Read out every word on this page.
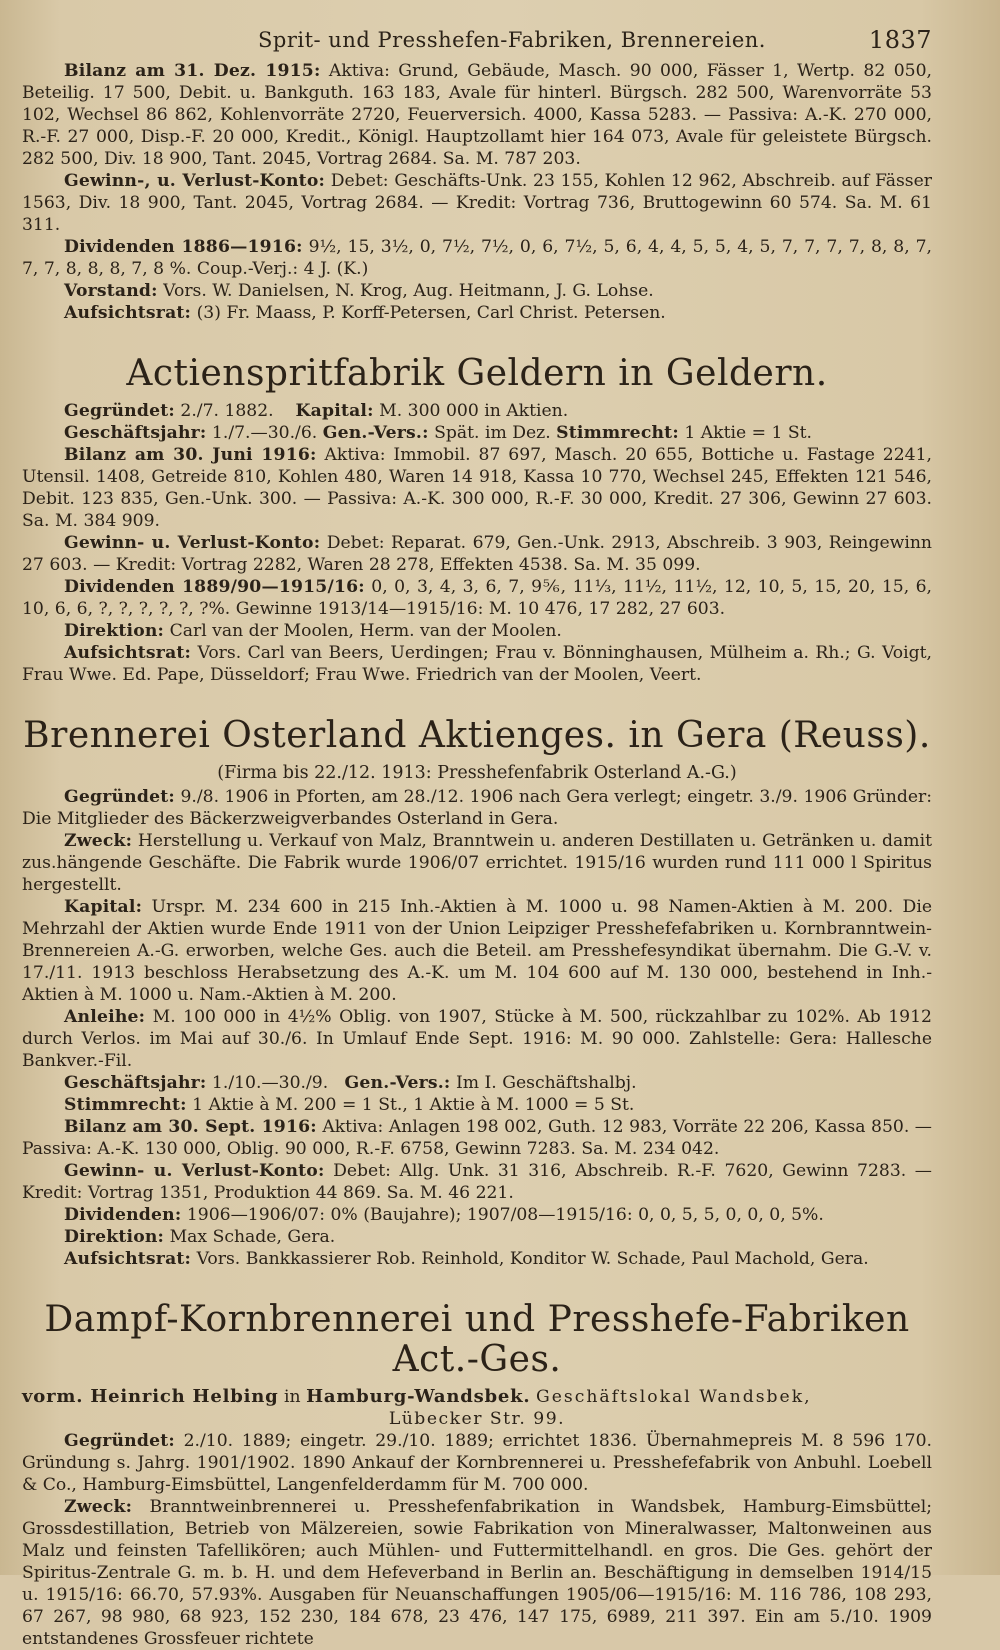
Sprit- und Presshefen-Fabriken, Brennereien.	1837

Bilanz am 31. Dez. 1915: Aktiva: Grund, Gebäude, Masch. 90 000, Fässer 1, Wertp. 82 050, Beteilig. 17 500, Debit. u. Bankguth. 163 183, Avale für hinterl. Bürgsch. 282 500, Warenvorräte 53 102, Wechsel 86 862, Kohlenvorräte 2720, Feuerversich. 4000, Kassa 5283. — Passiva: A.-K. 270 000, R.-F. 27 000, Disp.-F. 20 000, Kredit., Königl. Hauptzollamt hier 164 073, Avale für geleistete Bürgsch. 282 500, Div. 18 900, Tant. 2045, Vortrag 2684. Sa. M. 787 203.

Gewinn-, u. Verlust-Konto: Debet: Geschäfts-Unk. 23 155, Kohlen 12 962, Abschreib. auf Fässer 1563, Div. 18 900, Tant. 2045, Vortrag 2684. — Kredit: Vortrag 736, Bruttogewinn 60 574. Sa. M. 61 311.

Dividenden 1886—1916: 9½, 15, 3½, 0, 7½, 7½, 0, 6, 7½, 5, 6, 4, 4, 5, 5, 4, 5, 7, 7, 7, 7, 8, 8, 7, 7, 7, 8, 8, 8, 7, 8 %. Coup.-Verj.: 4 J. (K.)

Vorstand: Vors. W. Danielsen, N. Krog, Aug. Heitmann, J. G. Lohse.

Aufsichtsrat: (3) Fr. Maass, P. Korff-Petersen, Carl Christ. Petersen.

Actienspritfabrik Geldern in Geldern.

Gegründet: 2./7. 1882. Kapital: M. 300 000 in Aktien.

Geschäftsjahr: 1./7.—30./6. Gen.-Vers.: Spät. im Dez. Stimmrecht: 1 Aktie = 1 St.

Bilanz am 30. Juni 1916: Aktiva: Immobil. 87 697, Masch. 20 655, Bottiche u. Fastage 2241, Utensil. 1408, Getreide 810, Kohlen 480, Waren 14 918, Kassa 10 770, Wechsel 245, Effekten 121 546, Debit. 123 835, Gen.-Unk. 300. — Passiva: A.-K. 300 000, R.-F. 30 000, Kredit. 27 306, Gewinn 27 603. Sa. M. 384 909.

Gewinn- u. Verlust-Konto: Debet: Reparat. 679, Gen.-Unk. 2913, Abschreib. 3 903, Reingewinn 27 603. — Kredit: Vortrag 2282, Waren 28 278, Effekten 4538. Sa. M. 35 099.

Dividenden 1889/90—1915/16: 0, 0, 3, 4, 3, 6, 7, 9⅚, 11⅓, 11½, 11½, 12, 10, 5, 15, 20, 15, 6, 10, 6, 6, ?, ?, ?, ?, ?, ?%. Gewinne 1913/14—1915/16: M. 10 476, 17 282, 27 603.

Direktion: Carl van der Moolen, Herm. van der Moolen.

Aufsichtsrat: Vors. Carl van Beers, Uerdingen; Frau v. Bönninghausen, Mülheim a. Rh.; G. Voigt, Frau Wwe. Ed. Pape, Düsseldorf; Frau Wwe. Friedrich van der Moolen, Veert.

Brennerei Osterland Aktienges. in Gera (Reuss).
(Firma bis 22./12. 1913: Presshefenfabrik Osterland A.-G.)

Gegründet: 9./8. 1906 in Pforten, am 28./12. 1906 nach Gera verlegt; eingetr. 3./9. 1906 Gründer: Die Mitglieder des Bäckerzweigverbandes Osterland in Gera.

Zweck: Herstellung u. Verkauf von Malz, Branntwein u. anderen Destillaten u. Getränken u. damit zus.hängende Geschäfte. Die Fabrik wurde 1906/07 errichtet. 1915/16 wurden rund 111 000 l Spiritus hergestellt.

Kapital: Urspr. M. 234 600 in 215 Inh.-Aktien à M. 1000 u. 98 Namen-Aktien à M. 200. Die Mehrzahl der Aktien wurde Ende 1911 von der Union Leipziger Presshefefabriken u. Kornbranntwein-Brennereien A.-G. erworben, welche Ges. auch die Beteil. am Presshefesyndikat übernahm. Die G.-V. v. 17./11. 1913 beschloss Herabsetzung des A.-K. um M. 104 600 auf M. 130 000, bestehend in Inh.-Aktien à M. 1000 u. Nam.-Aktien à M. 200.

Anleihe: M. 100 000 in 4½% Oblig. von 1907, Stücke à M. 500, rückzahlbar zu 102%. Ab 1912 durch Verlos. im Mai auf 30./6. In Umlauf Ende Sept. 1916: M. 90 000. Zahlstelle: Gera: Hallesche Bankver.-Fil.

Geschäftsjahr: 1./10.—30./9. Gen.-Vers.: Im I. Geschäftshalbj.

Stimmrecht: 1 Aktie à M. 200 = 1 St., 1 Aktie à M. 1000 = 5 St.

Bilanz am 30. Sept. 1916: Aktiva: Anlagen 198 002, Guth. 12 983, Vorräte 22 206, Kassa 850. — Passiva: A.-K. 130 000, Oblig. 90 000, R.-F. 6758, Gewinn 7283. Sa. M. 234 042.

Gewinn- u. Verlust-Konto: Debet: Allg. Unk. 31 316, Abschreib. R.-F. 7620, Gewinn 7283. — Kredit: Vortrag 1351, Produktion 44 869. Sa. M. 46 221.

Dividenden: 1906—1906/07: 0% (Baujahre); 1907/08—1915/16: 0, 0, 5, 5, 0, 0, 0, 5%.

Direktion: Max Schade, Gera.

Aufsichtsrat: Vors. Bankkassierer Rob. Reinhold, Konditor W. Schade, Paul Machold, Gera.

Dampf-Kornbrennerei und Presshefe-Fabriken Act.-Ges.

vorm. Heinrich Helbing in Hamburg-Wandsbek. Geschäftslokal Wandsbek,
Lübecker Str. 99.

Gegründet: 2./10. 1889; eingetr. 29./10. 1889; errichtet 1836. Übernahmepreis M. 8 596 170. Gründung s. Jahrg. 1901/1902. 1890 Ankauf der Kornbrennerei u. Presshefefabrik von Anbuhl. Loebell & Co., Hamburg-Eimsbüttel, Langenfelderdamm für M. 700 000.

Zweck: Branntweinbrennerei u. Presshefenfabrikation in Wandsbek, Hamburg-Eimsbüttel; Grossdestillation, Betrieb von Mälzereien, sowie Fabrikation von Mineralwasser, Maltonweinen aus Malz und feinsten Tafellikören; auch Mühlen- und Futtermittelhandl. en gros. Die Ges. gehört der Spiritus-Zentrale G. m. b. H. und dem Hefeverband in Berlin an. Beschäftigung in demselben 1914/15 u. 1915/16: 66.70, 57.93%. Ausgaben für Neuanschaffungen 1905/06—1915/16: M. 116 786, 108 293, 67 267, 98 980, 68 923, 152 230, 184 678, 23 476, 147 175, 6989, 211 397. Ein am 5./10. 1909 entstandenes Grossfeuer richtete
